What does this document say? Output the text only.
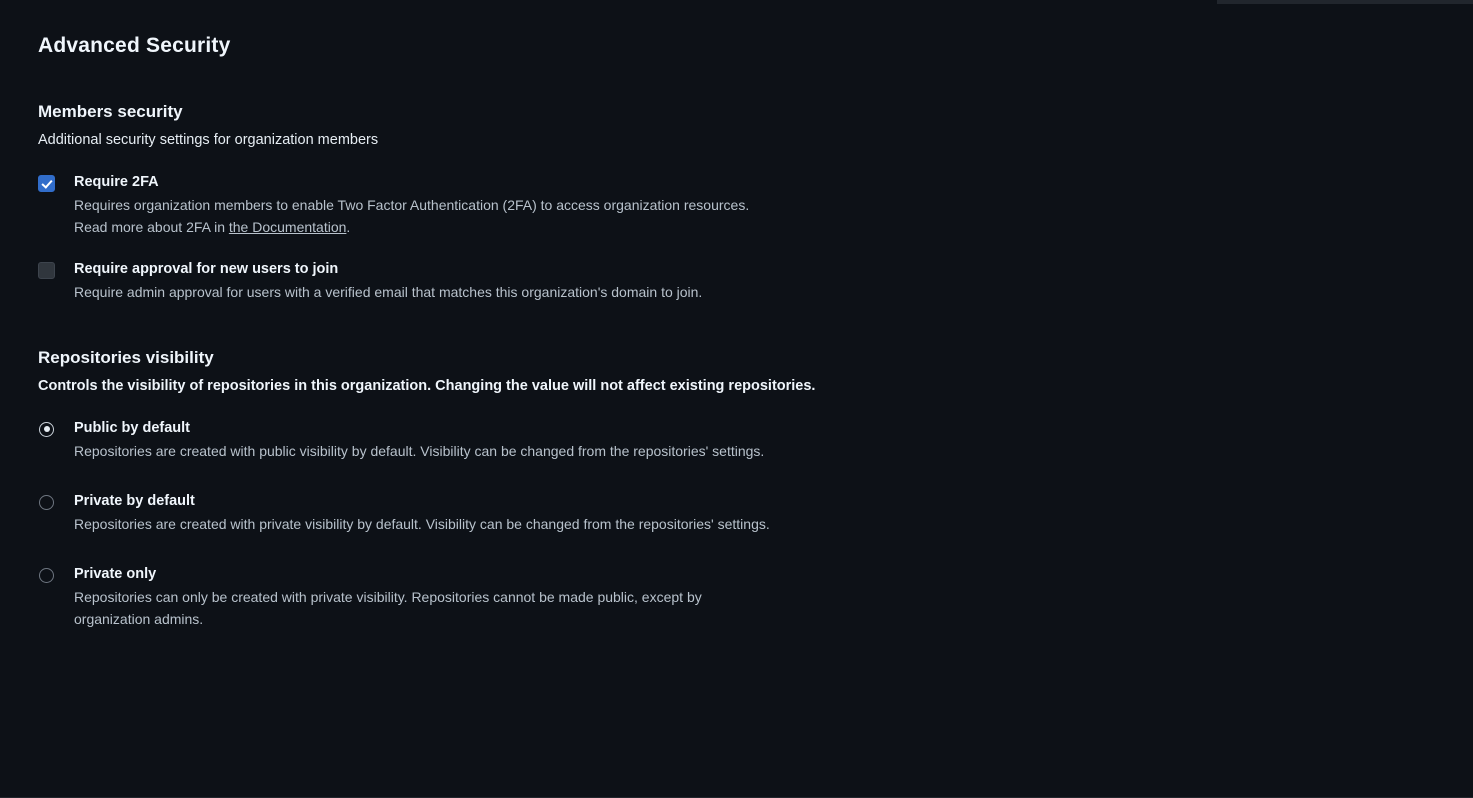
Advanced Security
Members security

Additional security settings for organization members

Require 2FA
Requires organization members to enable Two Factor Authentication (2FA) to access organization resources. Read more about 2FA in the Documentation.
Require approval for new users to join
Require admin approval for users with a verified email that matches this organization's domain to join.
Repositories visibility

Controls the visibility of repositories in this organization. Changing the value will not affect existing repositories.

Public by default
Repositories are created with public visibility by default. Visibility can be changed from the repositories' settings.
Private by default
Repositories are created with private visibility by default. Visibility can be changed from the repositories' settings.
Private only
Repositories can only be created with private visibility. Repositories cannot be made public, except by organization admins.
